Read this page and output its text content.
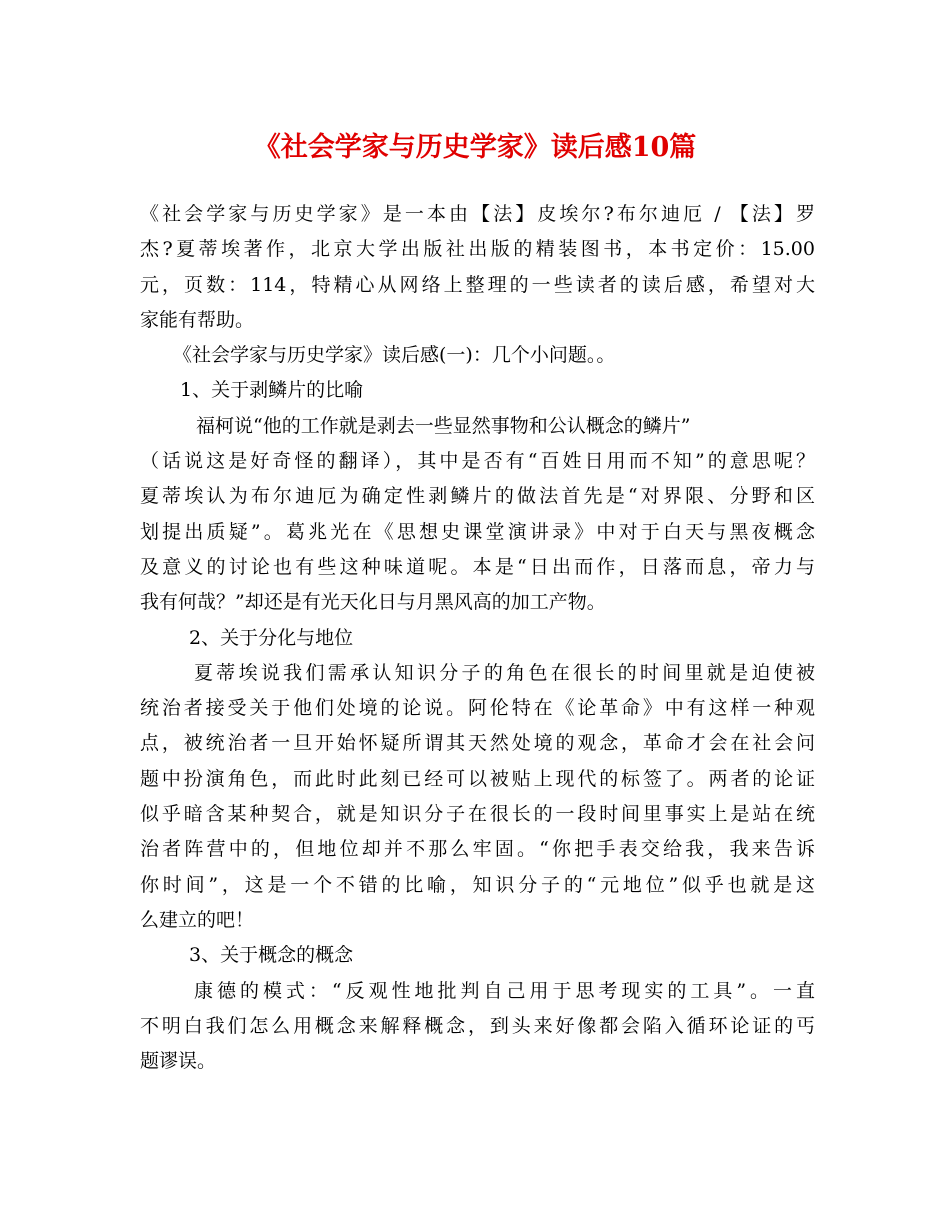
《社会学家与历史学家》读后感10篇
《社会学家与历史学家》是一本由【法】皮埃尔?布尔迪厄 / 【法】罗
杰?夏蒂埃著作，北京大学出版社出版的精装图书，本书定价：15.00
元，页数：114，特精心从网络上整理的一些读者的读后感，希望对大
家能有帮助。
《社会学家与历史学家》读后感(一)：几个小问题。。
1、关于剥鳞片的比喻
福柯说“他的工作就是剥去一些显然事物和公认概念的鳞片”
（话说这是好奇怪的翻译），其中是否有“百姓日用而不知”的意思呢？
夏蒂埃认为布尔迪厄为确定性剥鳞片的做法首先是“对界限、分野和区
划提出质疑”。葛兆光在《思想史课堂演讲录》中对于白天与黑夜概念
及意义的讨论也有些这种味道呢。本是“日出而作，日落而息，帝力与
我有何哉？”却还是有光天化日与月黑风高的加工产物。
2、关于分化与地位
夏蒂埃说我们需承认知识分子的角色在很长的时间里就是迫使被
统治者接受关于他们处境的论说。阿伦特在《论革命》中有这样一种观
点，被统治者一旦开始怀疑所谓其天然处境的观念，革命才会在社会问
题中扮演角色，而此时此刻已经可以被贴上现代的标签了。两者的论证
似乎暗含某种契合，就是知识分子在很长的一段时间里事实上是站在统
治者阵营中的，但地位却并不那么牢固。“你把手表交给我，我来告诉
你时间”，这是一个不错的比喻，知识分子的“元地位”似乎也就是这
么建立的吧！
3、关于概念的概念
康德的模式：“反观性地批判自己用于思考现实的工具”。一直
不明白我们怎么用概念来解释概念，到头来好像都会陷入循环论证的丐
题谬误。
